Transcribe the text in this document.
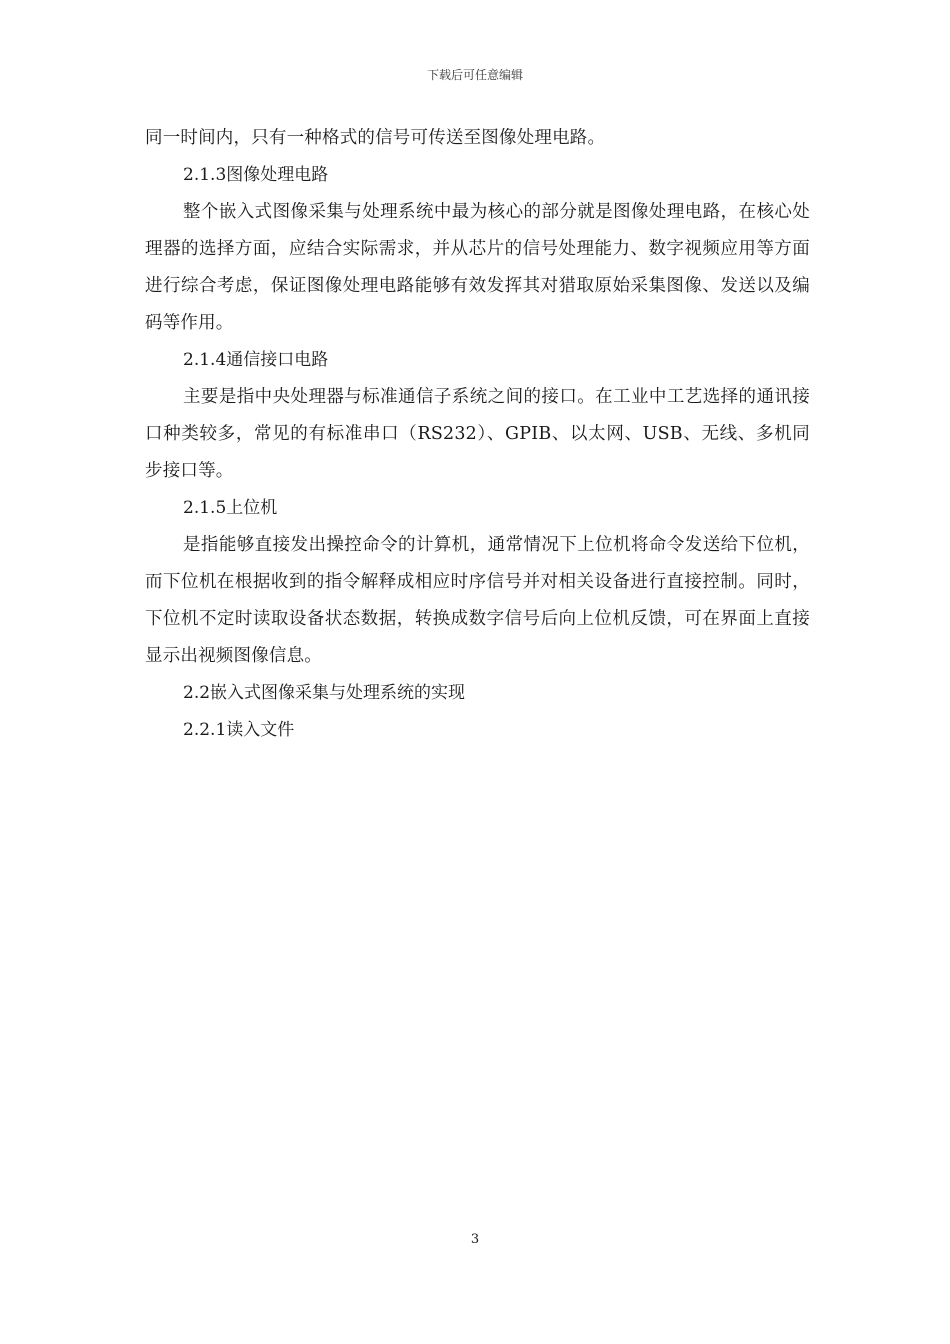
下载后可任意编辑

同一时间内，只有一种格式的信号可传送至图像处理电路。

2.1.3图像处理电路

整个嵌入式图像采集与处理系统中最为核心的部分就是图像处理电路，在核心处理器的选择方面，应结合实际需求，并从芯片的信号处理能力、数字视频应用等方面进行综合考虑，保证图像处理电路能够有效发挥其对猎取原始采集图像、发送以及编码等作用。

2.1.4通信接口电路

主要是指中央处理器与标准通信子系统之间的接口。在工业中工艺选择的通讯接口种类较多，常见的有标准串口（RS232）、GPIB、以太网、USB、无线、多机同步接口等。

2.1.5上位机

是指能够直接发出操控命令的计算机，通常情况下上位机将命令发送给下位机，而下位机在根据收到的指令解释成相应时序信号并对相关设备进行直接控制。同时，下位机不定时读取设备状态数据，转换成数字信号后向上位机反馈，可在界面上直接显示出视频图像信息。

2.2嵌入式图像采集与处理系统的实现

2.2.1读入文件

3
